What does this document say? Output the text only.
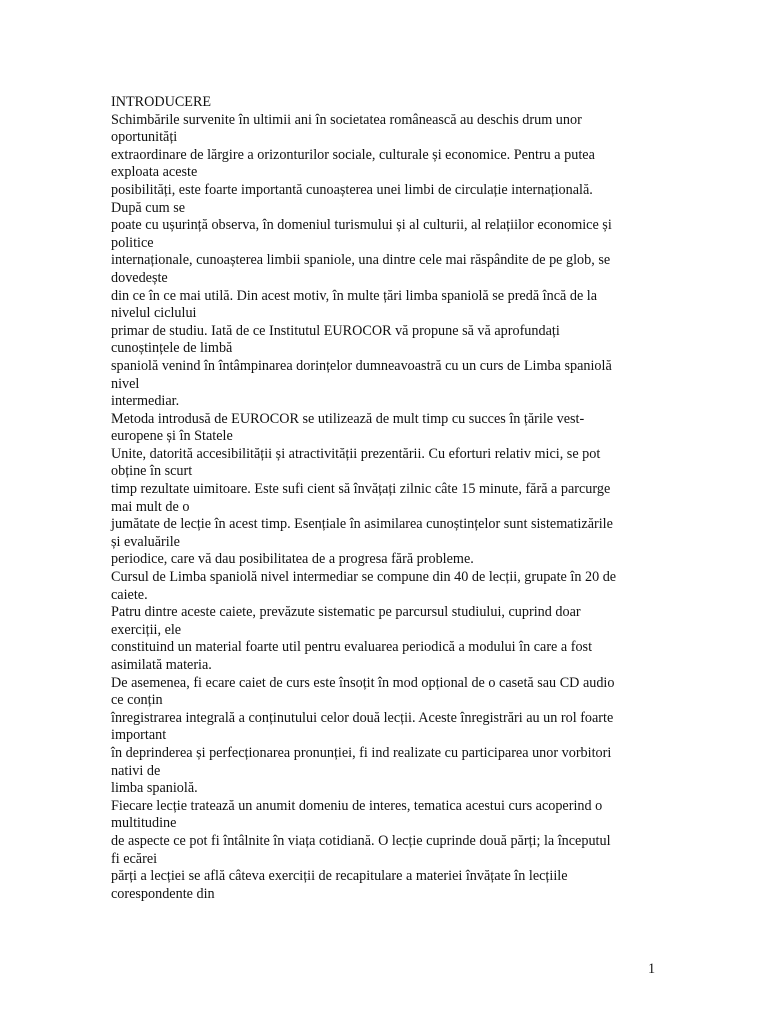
INTRODUCERE
Schimbările survenite în ultimii ani în societatea românească au deschis drum unor
oportunități
extraordinare de lărgire a orizonturilor sociale, culturale și economice. Pentru a putea
exploata aceste
posibilități, este foarte importantă cunoașterea unei limbi de circulație internațională.
După cum se
poate cu ușurință observa, în domeniul turismului și al culturii, al relațiilor economice și
politice
internaționale, cunoașterea limbii spaniole, una dintre cele mai răspândite de pe glob, se
dovedește
din ce în ce mai utilă. Din acest motiv, în multe țări limba spaniolă se predă încă de la
nivelul ciclului
primar de studiu. Iată de ce Institutul EUROCOR vă propune să vă aprofundați
cunoștințele de limbă
spaniolă venind în întâmpinarea dorințelor dumneavoastră cu un curs de Limba spaniolă
nivel
intermediar.
Metoda introdusă de EUROCOR se utilizează de mult timp cu succes în țările vest-
europene și în Statele
Unite, datorită accesibilității și atractivității prezentării. Cu eforturi relativ mici, se pot
obține în scurt
timp rezultate uimitoare. Este sufi cient să învățați zilnic câte 15 minute, fără a parcurge
mai mult de o
jumătate de lecție în acest timp. Esențiale în asimilarea cunoștințelor sunt sistematizările
și evaluările
periodice, care vă dau posibilitatea de a progresa fără probleme.
Cursul de Limba spaniolă nivel intermediar se compune din 40 de lecții, grupate în 20 de
caiete.
Patru dintre aceste caiete, prevăzute sistematic pe parcursul studiului, cuprind doar
exerciții, ele
constituind un material foarte util pentru evaluarea periodică a modului în care a fost
asimilată materia.
De asemenea, fi ecare caiet de curs este însoțit în mod opțional de o casetă sau CD audio
ce conțin
înregistrarea integrală a conținutului celor două lecții. Aceste înregistrări au un rol foarte
important
în deprinderea și perfecționarea pronunției, fi ind realizate cu participarea unor vorbitori
nativi de
limba spaniolă.
Fiecare lecție tratează un anumit domeniu de interes, tematica acestui curs acoperind o
multitudine
de aspecte ce pot fi întâlnite în viața cotidiană. O lecție cuprinde două părți; la începutul
fi ecărei
părți a lecției se află câteva exerciții de recapitulare a materiei învățate în lecțiile
corespondente din
1
